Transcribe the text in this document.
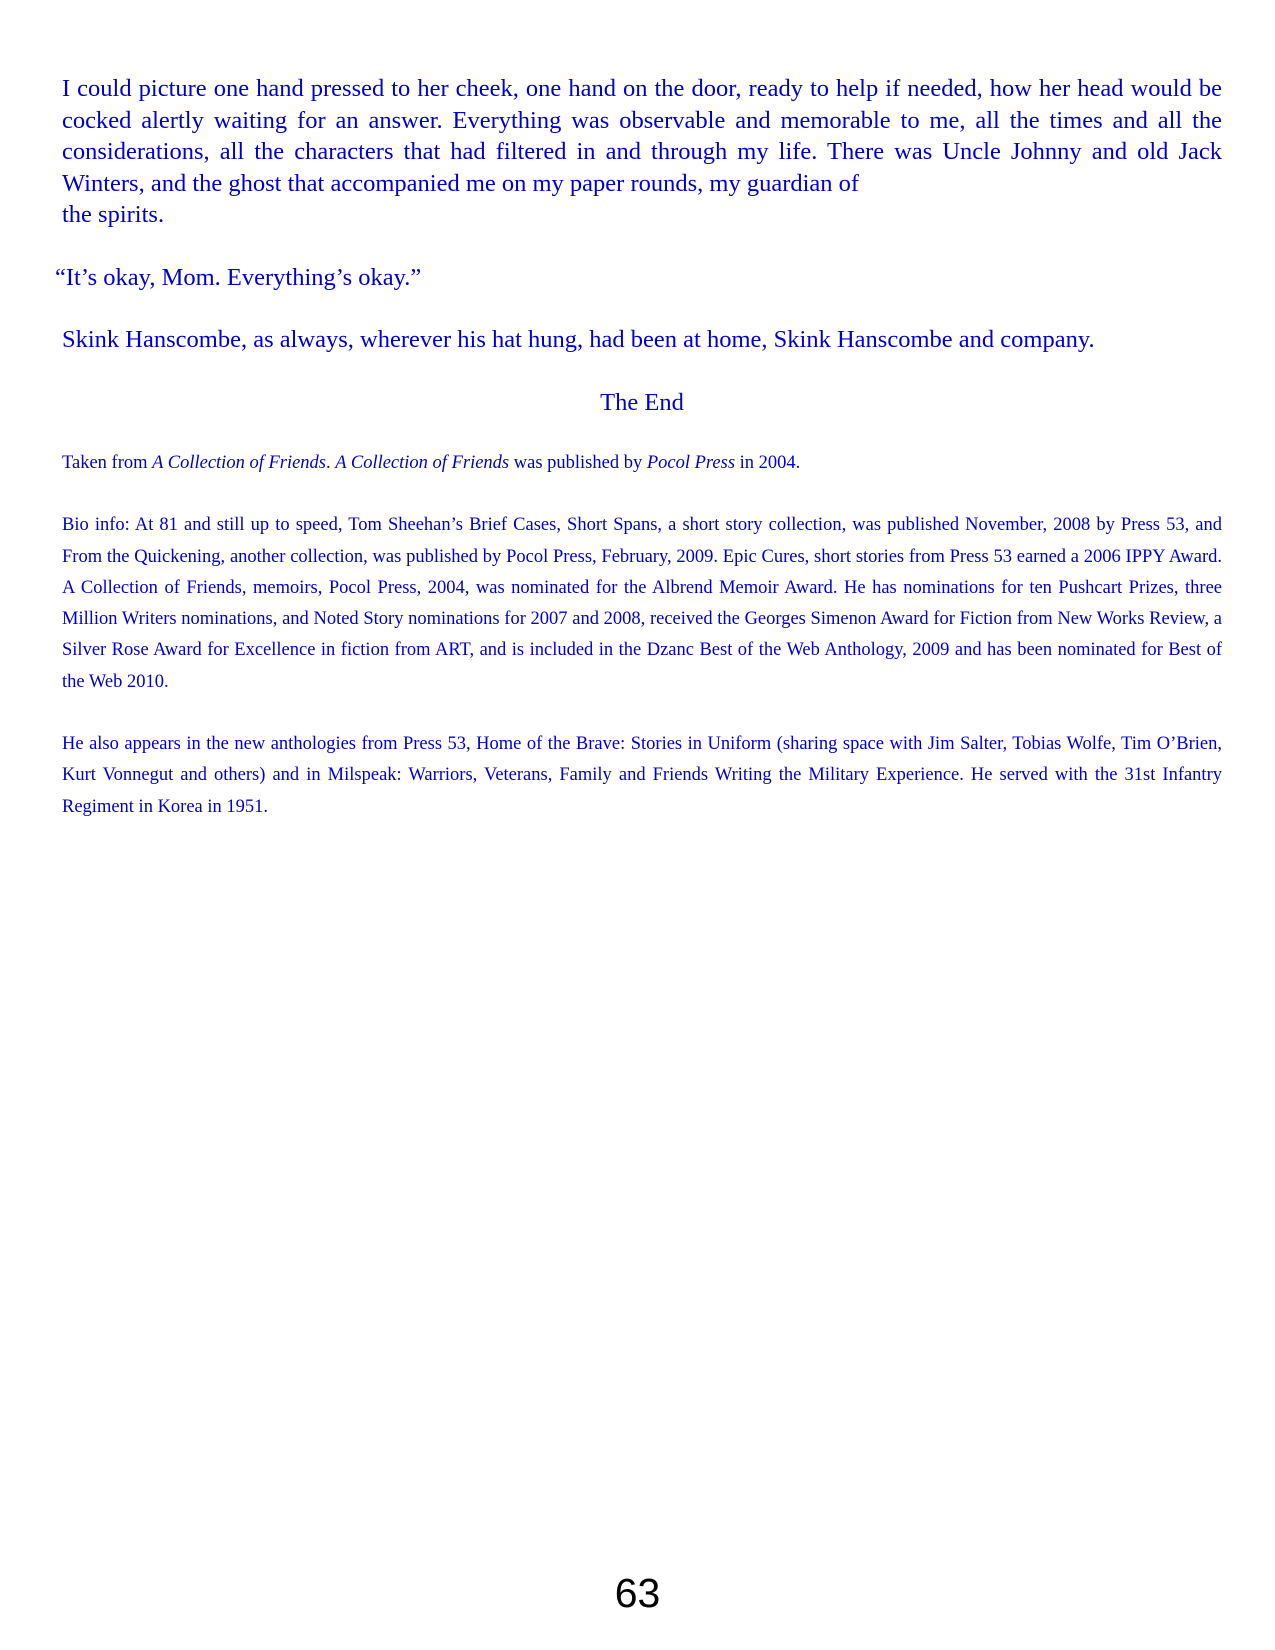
I could picture one hand pressed to her cheek, one hand on the door, ready to help if needed, how her head would be cocked alertly waiting for an answer. Everything was observable and memorable to me, all the times and all the considerations, all the characters that had filtered in and through my life. There was Uncle Johnny and old Jack Winters, and the ghost that accompanied me on my paper rounds, my guardian of
the spirits.

“It’s okay, Mom. Everything’s okay.”

Skink Hanscombe, as always, wherever his hat hung, had been at home, Skink Hanscombe and company.

The End

Taken from A Collection of Friends. A Collection of Friends was published by Pocol Press in 2004.

Bio info: At 81 and still up to speed, Tom Sheehan’s Brief Cases, Short Spans, a short story collection, was published November, 2008 by Press 53, and From the Quickening, another collection, was published by Pocol Press, February, 2009. Epic Cures, short stories from Press 53 earned a 2006 IPPY Award. A Collection of Friends, memoirs, Pocol Press, 2004, was nominated for the Albrend Memoir Award. He has nominations for ten Pushcart Prizes, three Million Writers nominations, and Noted Story nominations for 2007 and 2008, received the Georges Simenon Award for Fiction from New Works Review, a Silver Rose Award for Excellence in fiction from ART, and is included in the Dzanc Best of the Web Anthology, 2009 and has been nominated for Best of the Web 2010.

He also appears in the new anthologies from Press 53, Home of the Brave: Stories in Uniform (sharing space with Jim Salter, Tobias Wolfe, Tim O’Brien, Kurt Vonnegut and others) and in Milspeak: Warriors, Veterans, Family and Friends Writing the Military Experience. He served with the 31st Infantry Regiment in Korea in 1951.

63
